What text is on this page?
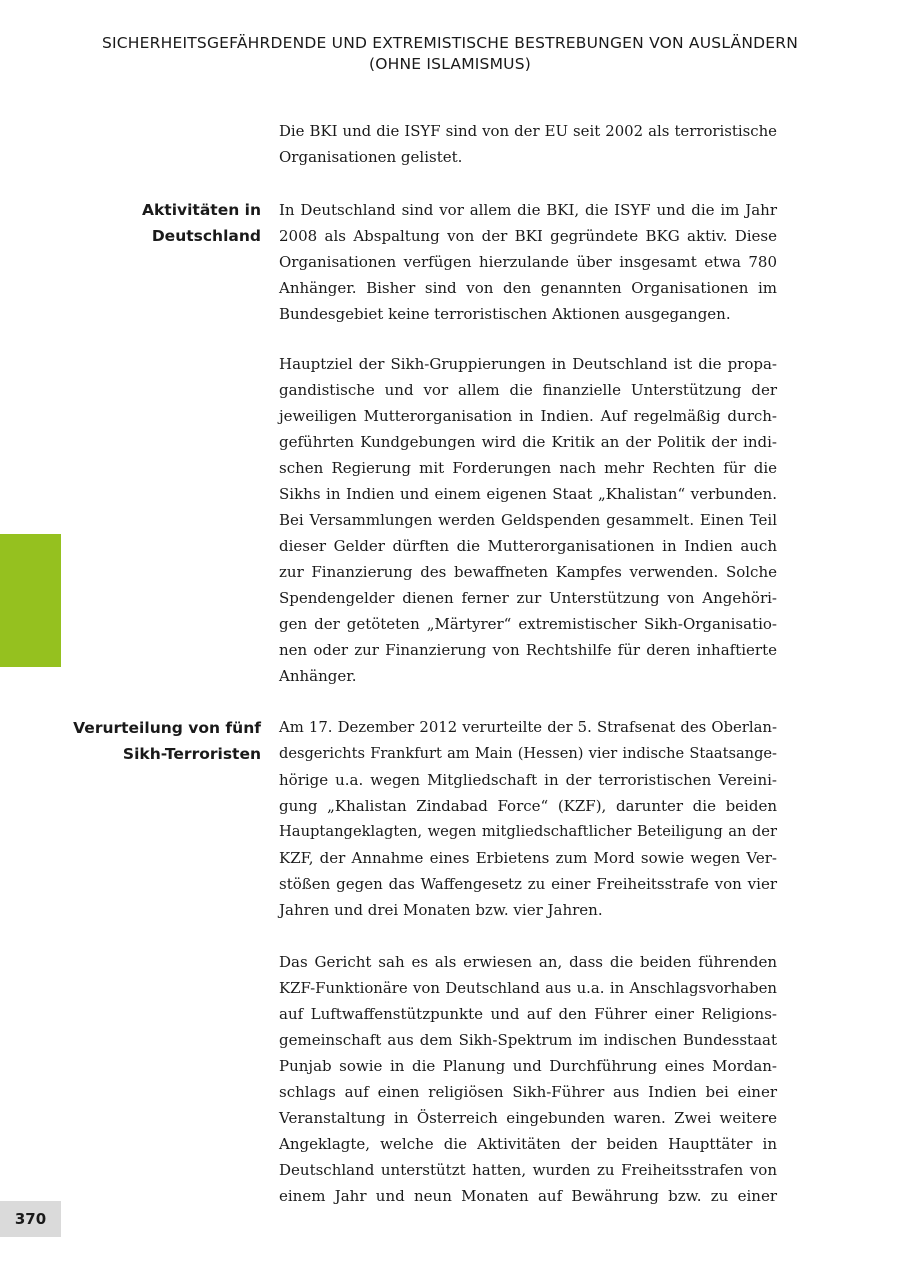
SICHERHEITSGEFÄHRDENDE UND EXTREMISTISCHE BESTREBUNGEN VON AUSLÄNDERN
(OHNE ISLAMISMUS)
Die BKI und die ISYF sind von der EU seit 2002 als terroristische
Organisationen gelistet.
Aktivitäten in
Deutschland
In Deutschland sind vor allem die BKI, die ISYF und die im Jahr
2008 als Abspaltung von der BKI gegründete BKG aktiv. Diese
Organisationen verfügen hierzulande über insgesamt etwa 780
Anhänger. Bisher sind von den genannten Organisationen im
Bundesgebiet keine terroristischen Aktionen ausgegangen.
Hauptziel der Sikh-Gruppierungen in Deutschland ist die propa-
gandistische und vor allem die finanzielle Unterstützung der
jeweiligen Mutterorganisation in Indien. Auf regelmäßig durch-
geführten Kundgebungen wird die Kritik an der Politik der indi-
schen Regierung mit Forderungen nach mehr Rechten für die
Sikhs in Indien und einem eigenen Staat „Khalistan“ verbunden.
Bei Versammlungen werden Geldspenden gesammelt. Einen Teil
dieser Gelder dürften die Mutterorganisationen in Indien auch
zur Finanzierung des bewaffneten Kampfes verwenden. Solche
Spendengelder dienen ferner zur Unterstützung von Angehöri-
gen der getöteten „Märtyrer“ extremistischer Sikh-Organisatio-
nen oder zur Finanzierung von Rechtshilfe für deren inhaftierte
Anhänger.
Verurteilung von fünf
Sikh-Terroristen
Am 17. Dezember 2012 verurteilte der 5. Strafsenat des Oberlan-
desgerichts Frankfurt am Main (Hessen) vier indische Staatsange-
hörige u.a. wegen Mitgliedschaft in der terroristischen Vereini-
gung „Khalistan Zindabad Force“ (KZF), darunter die beiden
Hauptangeklagten, wegen mitgliedschaftlicher Beteiligung an der
KZF, der Annahme eines Erbietens zum Mord sowie wegen Ver-
stößen gegen das Waffengesetz zu einer Freiheitsstrafe von vier
Jahren und drei Monaten bzw. vier Jahren.
Das Gericht sah es als erwiesen an, dass die beiden führenden
KZF-Funktionäre von Deutschland aus u.a. in Anschlagsvorhaben
auf Luftwaffenstützpunkte und auf den Führer einer Religions-
gemeinschaft aus dem Sikh-Spektrum im indischen Bundesstaat
Punjab sowie in die Planung und Durchführung eines Mordan-
schlags auf einen religiösen Sikh-Führer aus Indien bei einer
Veranstaltung in Österreich eingebunden waren. Zwei weitere
Angeklagte, welche die Aktivitäten der beiden Haupttäter in
Deutschland unterstützt hatten, wurden zu Freiheitsstrafen von
einem Jahr und neun Monaten auf Bewährung bzw. zu einer
370
